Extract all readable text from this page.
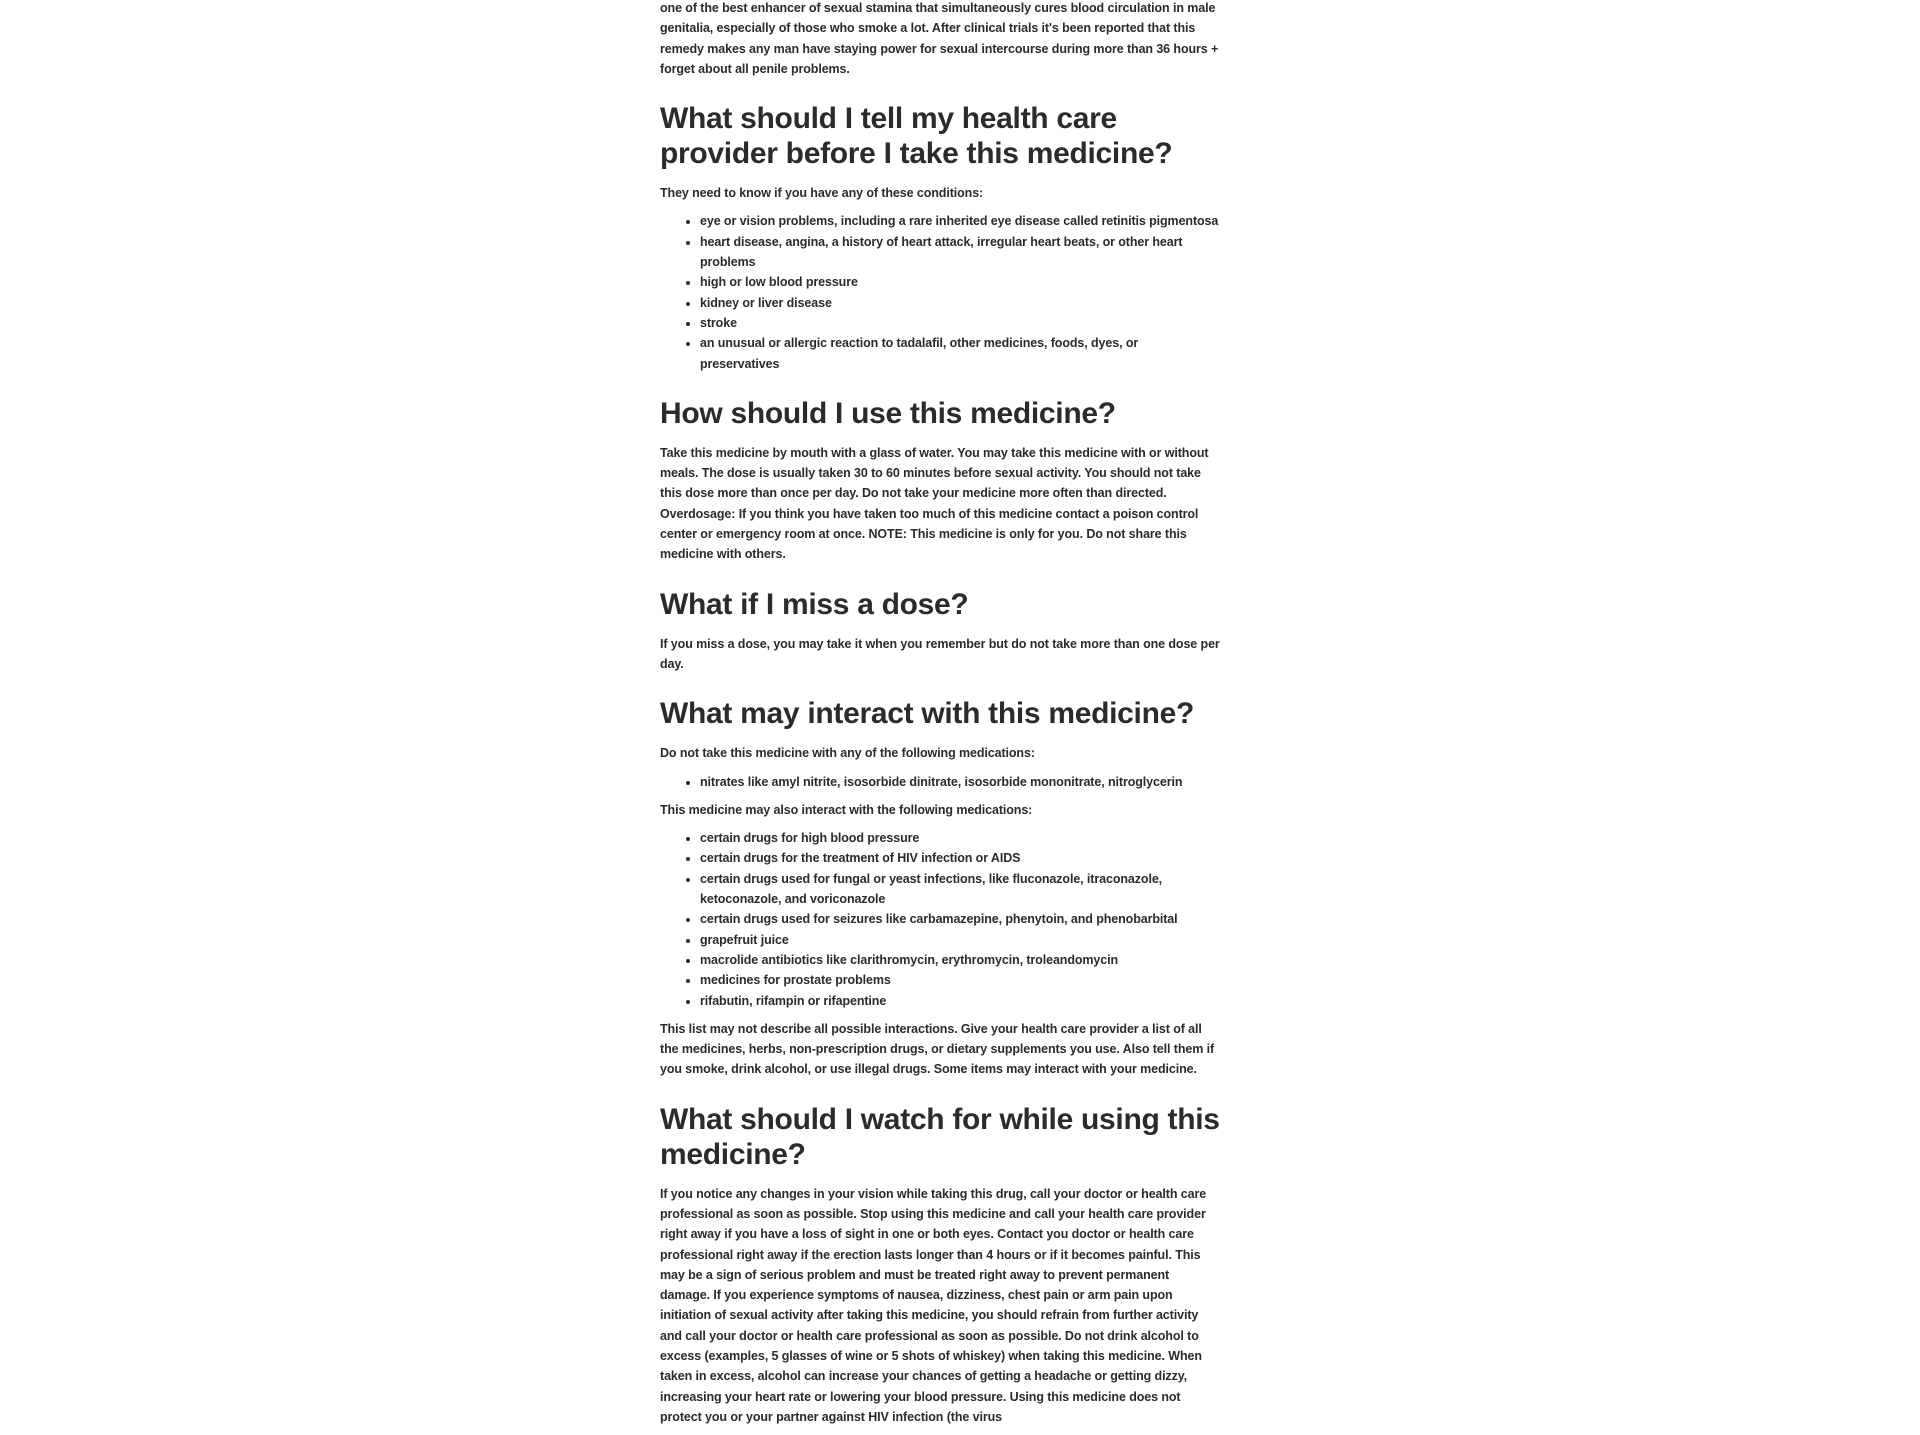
one of the best enhancer of sexual stamina that simultaneously cures blood circulation in male genitalia, especially of those who smoke a lot. After clinical trials it's been reported that this remedy makes any man have staying power for sexual intercourse during more than 36 hours + forget about all penile problems.

What should I tell my health care provider before I take this medicine?

They need to know if you have any of these conditions:

• eye or vision problems, including a rare inherited eye disease called retinitis pigmentosa
• heart disease, angina, a history of heart attack, irregular heart beats, or other heart problems
• high or low blood pressure
• kidney or liver disease
• stroke
• an unusual or allergic reaction to tadalafil, other medicines, foods, dyes, or preservatives
How should I use this medicine?

Take this medicine by mouth with a glass of water. You may take this medicine with or without meals. The dose is usually taken 30 to 60 minutes before sexual activity. You should not take this dose more than once per day. Do not take your medicine more often than directed. Overdosage: If you think you have taken too much of this medicine contact a poison control center or emergency room at once. NOTE: This medicine is only for you. Do not share this medicine with others.

What if I miss a dose?

If you miss a dose, you may take it when you remember but do not take more than one dose per day.

What may interact with this medicine?

Do not take this medicine with any of the following medications:

• nitrates like amyl nitrite, isosorbide dinitrate, isosorbide mononitrate, nitroglycerin

This medicine may also interact with the following medications:

• certain drugs for high blood pressure
• certain drugs for the treatment of HIV infection or AIDS
• certain drugs used for fungal or yeast infections, like fluconazole, itraconazole, ketoconazole, and voriconazole
• certain drugs used for seizures like carbamazepine, phenytoin, and phenobarbital
• grapefruit juice
• macrolide antibiotics like clarithromycin, erythromycin, troleandomycin
• medicines for prostate problems
• rifabutin, rifampin or rifapentine

This list may not describe all possible interactions. Give your health care provider a list of all the medicines, herbs, non-prescription drugs, or dietary supplements you use. Also tell them if you smoke, drink alcohol, or use illegal drugs. Some items may interact with your medicine.

What should I watch for while using this medicine?

If you notice any changes in your vision while taking this drug, call your doctor or health care professional as soon as possible. Stop using this medicine and call your health care provider right away if you have a loss of sight in one or both eyes. Contact you doctor or health care professional right away if the erection lasts longer than 4 hours or if it becomes painful. This may be a sign of serious problem and must be treated right away to prevent permanent damage. If you experience symptoms of nausea, dizziness, chest pain or arm pain upon initiation of sexual activity after taking this medicine, you should refrain from further activity and call your doctor or health care professional as soon as possible. Do not drink alcohol to excess (examples, 5 glasses of wine or 5 shots of whiskey) when taking this medicine. When taken in excess, alcohol can increase your chances of getting a headache or getting dizzy, increasing your heart rate or lowering your blood pressure. Using this medicine does not protect you or your partner against HIV infection (the virus
